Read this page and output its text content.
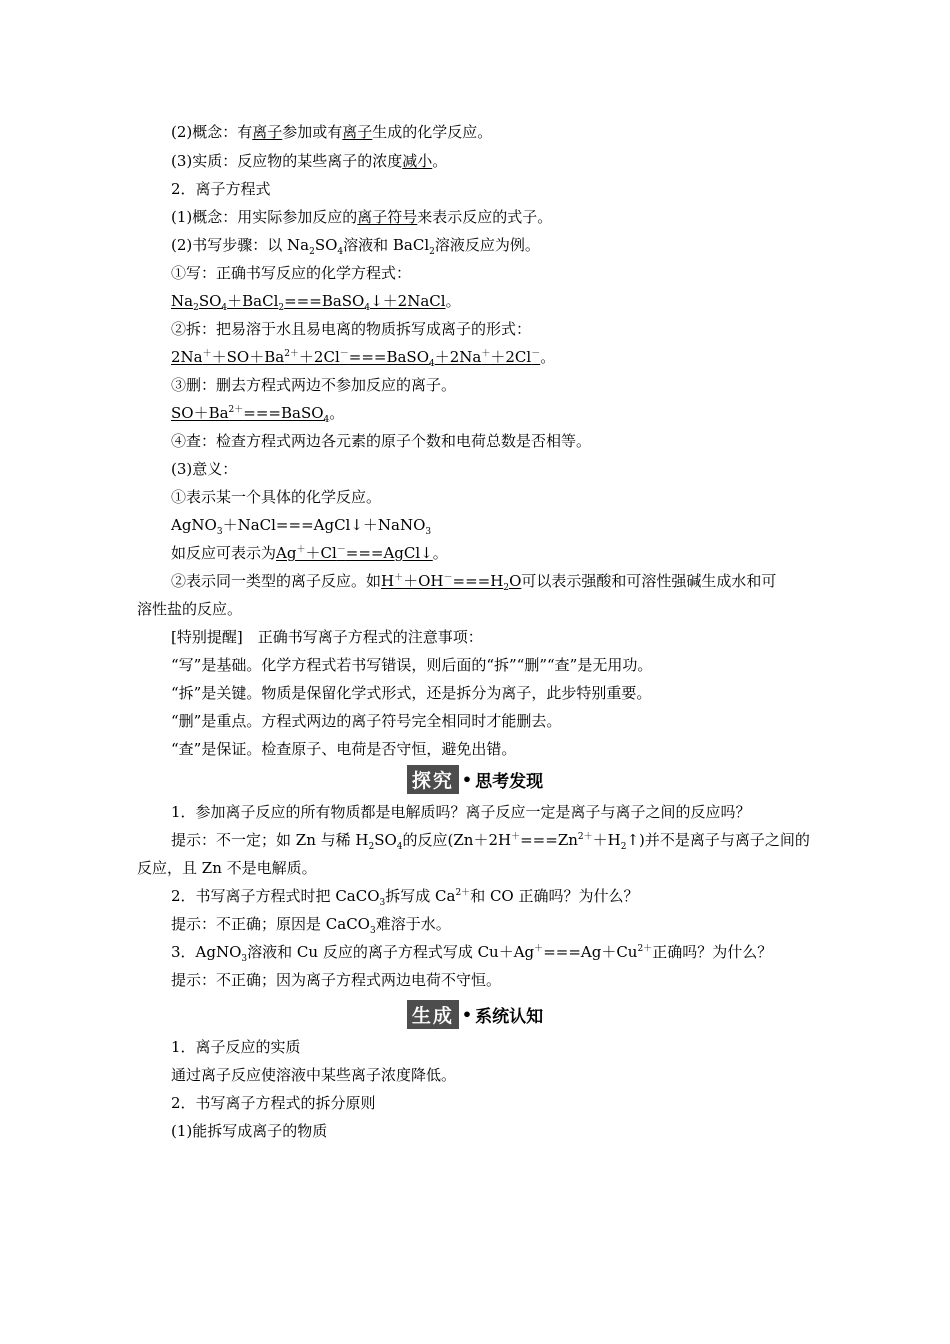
(2)概念：有离子参加或有离子生成的化学反应。
(3)实质：反应物的某些离子的浓度减小。
2．离子方程式
(1)概念：用实际参加反应的离子符号来表示反应的式子。
(2)书写步骤：以 $Na_2SO_4$溶液和 BaCl$_2$溶液反应为例。
①写：正确书写反应的化学方程式：
$Na_2SO_4+BaCl_2===BaSO_4↓+2NaCl$。
②拆：把易溶于水且易电离的物质拆写成离子的形式：
$2Na^++SO+Ba^{2+}+2Cl^-===BaSO_4+2Na^++2Cl^-$。
③删：删去方程式两边不参加反应的离子。
$SO+Ba^{2+}===BaSO_4$。
④查：检查方程式两边各元素的原子个数和电荷总数是否相等。
(3)意义：
①表示某一个具体的化学反应。
AgNO$_3$＋NaCl===AgCl↓＋NaNO$_3$
如反应可表示为Ag＋＋Cl－===AgCl↓。
②表示同一类型的离子反应。如$H^++OH^-===H_2O$可以表示强酸和可溶性强碱生成水和可
溶性盐的反应。
[特别提醒]　正确书写离子方程式的注意事项：
“写”是基础。化学方程式若书写错误，则后面的“拆”“删”“查”是无用功。
“拆”是关键。物质是保留化学式形式，还是拆分为离子，此步特别重要。
“删”是重点。方程式两边的离子符号完全相同时才能删去。
“查”是保证。检查原子、电荷是否守恒，避免出错。
探究 • 思考发现
1．参加离子反应的所有物质都是电解质吗？离子反应一定是离子与离子之间的反应吗？
提示：不一定；如 Zn 与稀 $H_2SO_4$的反应$(Zn+2H^+===Zn^{2+}+H_2↑)$并不是离子与离子之间的
反应，且 Zn 不是电解质。
2．书写离子方程式时把 CaCO$_3$拆写成 $Ca^{2+}$和 CO 正确吗？为什么？
提示：不正确；原因是 CaCO$_3$难溶于水。
3．AgNO$_3$溶液和 Cu 反应的离子方程式写成 $Cu+Ag^+===Ag+Cu^{2+}$正确吗？为什么？
提示：不正确；因为离子方程式两边电荷不守恒。
生成 • 系统认知
1．离子反应的实质
通过离子反应使溶液中某些离子浓度降低。
2．书写离子方程式的拆分原则
(1)能拆写成离子的物质
